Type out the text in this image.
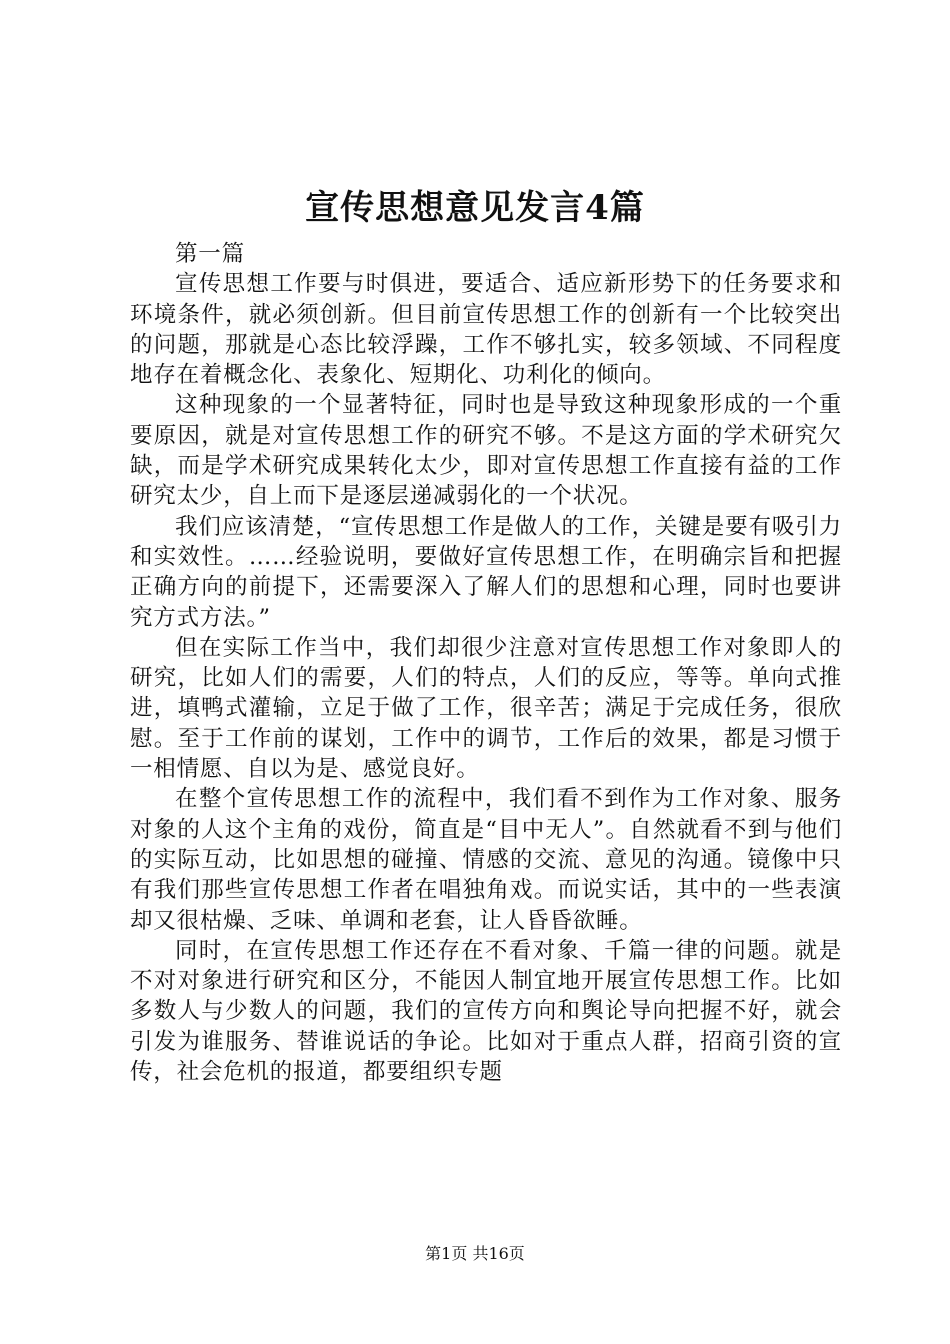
宣传思想意见发言4篇

第一篇

宣传思想工作要与时俱进，要适合、适应新形势下的任务要求和环境条件，就必须创新。但目前宣传思想工作的创新有一个比较突出的问题，那就是心态比较浮躁，工作不够扎实，较多领域、不同程度地存在着概念化、表象化、短期化、功利化的倾向。

这种现象的一个显著特征，同时也是导致这种现象形成的一个重要原因，就是对宣传思想工作的研究不够。不是这方面的学术研究欠缺，而是学术研究成果转化太少，即对宣传思想工作直接有益的工作研究太少，自上而下是逐层递减弱化的一个状况。

我们应该清楚，“宣传思想工作是做人的工作，关键是要有吸引力和实效性。……经验说明，要做好宣传思想工作，在明确宗旨和把握正确方向的前提下，还需要深入了解人们的思想和心理，同时也要讲究方式方法。”

但在实际工作当中，我们却很少注意对宣传思想工作对象即人的研究，比如人们的需要，人们的特点，人们的反应，等等。单向式推进，填鸭式灌输，立足于做了工作，很辛苦；满足于完成任务，很欣慰。至于工作前的谋划，工作中的调节，工作后的效果，都是习惯于一相情愿、自以为是、感觉良好。

在整个宣传思想工作的流程中，我们看不到作为工作对象、服务对象的人这个主角的戏份，简直是“目中无人”。自然就看不到与他们的实际互动，比如思想的碰撞、情感的交流、意见的沟通。镜像中只有我们那些宣传思想工作者在唱独角戏。而说实话，其中的一些表演却又很枯燥、乏味、单调和老套，让人昏昏欲睡。

同时，在宣传思想工作还存在不看对象、千篇一律的问题。就是不对对象进行研究和区分，不能因人制宜地开展宣传思想工作。比如多数人与少数人的问题，我们的宣传方向和舆论导向把握不好，就会引发为谁服务、替谁说话的争论。比如对于重点人群，招商引资的宣传，社会危机的报道，都要组织专题

第1页 共16页
